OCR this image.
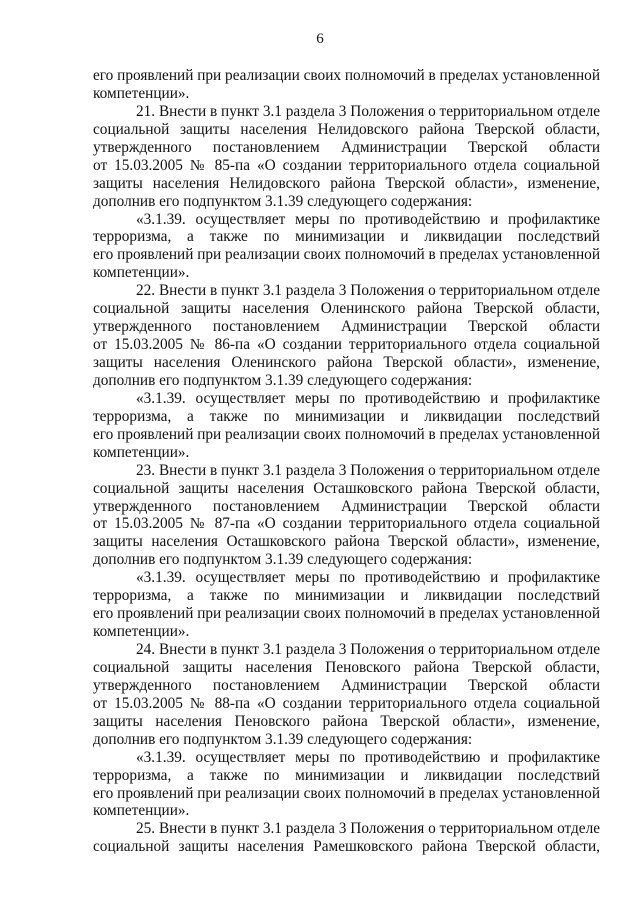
6
его проявлений при реализации своих полномочий в пределах установленной
компетенции».
21. Внести в пункт 3.1 раздела 3 Положения о территориальном отделе
социальной защиты населения Нелидовского района Тверской области,
утвержденного постановлением Администрации Тверской области
от 15.03.2005 № 85-па «О создании территориального отдела социальной
защиты населения Нелидовского района Тверской области», изменение,
дополнив его подпунктом 3.1.39 следующего содержания:
«3.1.39. осуществляет меры по противодействию и профилактике
терроризма, а также по минимизации и ликвидации последствий
его проявлений при реализации своих полномочий в пределах установленной
компетенции».
22. Внести в пункт 3.1 раздела 3 Положения о территориальном отделе
социальной защиты населения Оленинского района Тверской области,
утвержденного постановлением Администрации Тверской области
от 15.03.2005 № 86-па «О создании территориального отдела социальной
защиты населения Оленинского района Тверской области», изменение,
дополнив его подпунктом 3.1.39 следующего содержания:
«3.1.39. осуществляет меры по противодействию и профилактике
терроризма, а также по минимизации и ликвидации последствий
его проявлений при реализации своих полномочий в пределах установленной
компетенции».
23. Внести в пункт 3.1 раздела 3 Положения о территориальном отделе
социальной защиты населения Осташковского района Тверской области,
утвержденного постановлением Администрации Тверской области
от 15.03.2005 № 87-па «О создании территориального отдела социальной
защиты населения Осташковского района Тверской области», изменение,
дополнив его подпунктом 3.1.39 следующего содержания:
«3.1.39. осуществляет меры по противодействию и профилактике
терроризма, а также по минимизации и ликвидации последствий
его проявлений при реализации своих полномочий в пределах установленной
компетенции».
24. Внести в пункт 3.1 раздела 3 Положения о территориальном отделе
социальной защиты населения Пеновского района Тверской области,
утвержденного постановлением Администрации Тверской области
от 15.03.2005 № 88-па «О создании территориального отдела социальной
защиты населения Пеновского района Тверской области», изменение,
дополнив его подпунктом 3.1.39 следующего содержания:
«3.1.39. осуществляет меры по противодействию и профилактике
терроризма, а также по минимизации и ликвидации последствий
его проявлений при реализации своих полномочий в пределах установленной
компетенции».
25. Внести в пункт 3.1 раздела 3 Положения о территориальном отделе
социальной защиты населения Рамешковского района Тверской области,
